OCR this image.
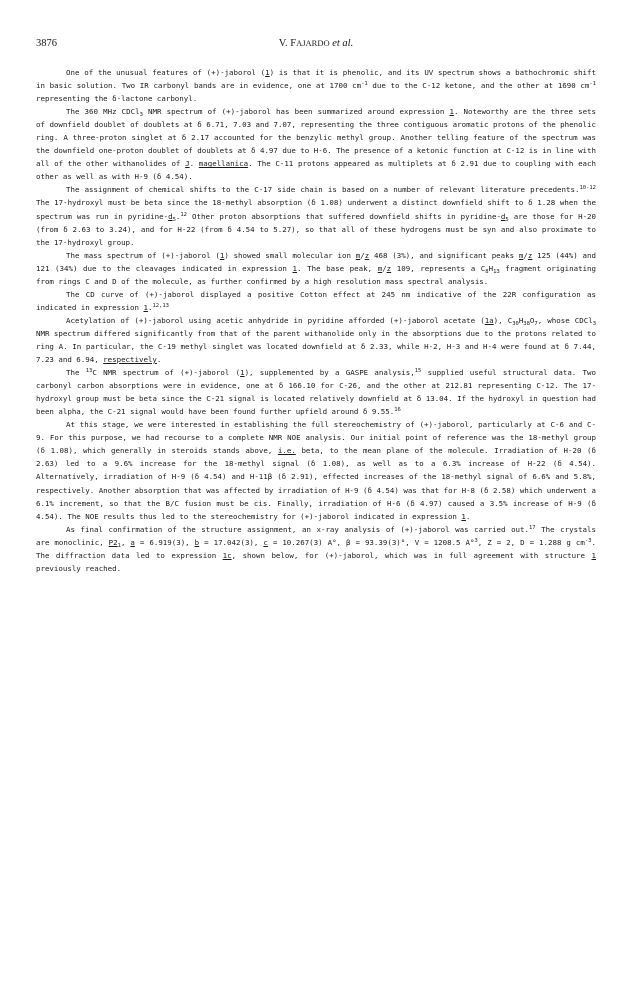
3876	V. FAJARDO et al.

One of the unusual features of (+)-jaborol (1) is that it is phenolic, and its UV spectrum shows a bathochromic shift in basic solution. Two IR carbonyl bands are in evidence, one at 1700 $cm^{-1}$ due to the C-12 ketone, and the other at 1690 $cm^{-1}$ representing the δ-lactone carbonyl.

The 360 MHz CDCl$_3$ NMR spectrum of (+)-jaborol has been summarized around expression 1. Noteworthy are the three sets of downfield doublet of doublets at δ 6.71, 7.03 and 7.07, representing the three contiguous aromatic protons of the phenolic ring. A three-proton singlet at δ 2.17 accounted for the benzylic methyl group. Another telling feature of the spectrum was the downfield one-proton doublet of doublets at δ 4.97 due to H-6. The presence of a ketonic function at C-12 is in line with all of the other withanolides of J. magellanica. The C-11 protons appeared as multiplets at δ 2.91 due to coupling with each other as well as with H-9 (δ 4.54).

The assignment of chemical shifts to the C-17 side chain is based on a number of relevant literature precedents.$^{10-12}$ The 17-hydroxyl must be beta since the 18-methyl absorption (δ 1.08) underwent a distinct downfield shift to δ 1.28 when the spectrum was run in pyridine-$d_5.^{12}$ Other proton absorptions that suffered downfield shifts in pyridine-$d_5$ are those for H-20 (from δ 2.63 to 3.24), and for H-22 (from δ 4.54 to 5.27), so that all of these hydrogens must be syn and also proximate to the 17-hydroxyl group.

The mass spectrum of (+)-jaborol (1) showed small molecular ion m/z 468 (3%), and significant peaks m/z 125 (44%) and 121 (34%) due to the cleavages indicated in expression 1. The base peak, m/z 109, represents a $C_8H_{13}$ fragment originating from rings C and D of the molecule, as further confirmed by a high resolution mass spectral analysis.

The CD curve of (+)-jaborol displayed a positive Cotton effect at 245 nm indicative of the 22R configuration as indicated in expression 1.$^{12,13}$

Acetylation of (+)-jaborol using acetic anhydride in pyridine afforded (+)-jaborol acetate (1a), $C_{30}H_{38}O_7$, whose CDCl$_3$ NMR spectrum differed significantly from that of the parent withanolide only in the absorptions due to the protons related to ring A. In particular, the C-19 methyl singlet was located downfield at δ 2.33, while H-2, H-3 and H-4 were found at δ 7.44, 7.23 and 6.94, respectively.

The $^{13}$C NMR spectrum of (+)-jaborol (1), supplemented by a GASPE analysis,$^{15}$ supplied useful structural data. Two carbonyl carbon absorptions were in evidence, one at δ 166.10 for C-26, and the other at 212.81 representing C-12. The 17-hydroxyl group must be beta since the C-21 signal is located relatively downfield at δ 13.04. If the hydroxyl in question had been alpha, the C-21 signal would have been found further upfield around δ 9.55.16

At this stage, we were interested in establishing the full stereochemistry of (+)-jaborol, particularly at C-6 and C-9. For this purpose, we had recourse to a complete NMR NOE analysis. Our initial point of reference was the 18-methyl group (δ 1.08), which generally in steroids stands above, i.e. beta, to the mean plane of the molecule. Irradiation of H-20 (δ 2.63) led to a 9.6% increase for the 18-methyl signal (δ 1.08), as well as to a 6.3% increase of H-22 (δ 4.54). Alternatively, irradiation of H-9 (δ 4.54) and H-11β (δ 2.91), effected increases of the 18-methyl signal of 6.6% and 5.8%, respectively. Another absorption that was affected by irradiation of H-9 (δ 4.54) was that for H-8 (δ 2.58) which underwent a 6.1% increment, so that the B/C fusion must be cis. Finally, irradiation of H-6 (δ 4.97) caused a 3.5% increase of H-9 (δ 4.54). The NOE results thus led to the stereochemistry for (+)-jaborol indicated in expression 1.

As final confirmation of the structure assignment, an x-ray analysis of (+)-jaborol was carried out.$^{17}$ The crystals are monoclinic, $P2_1$, a = 6.919(3), b = 17.042(3), c = 10.267(3) A°, β = 93.39(3)°, V = 1208.5 A°$^3$, Z = 2, D = 1.288 g $cm^{-3}$. The diffraction data led to expression 1c, shown below, for (+)-jaborol, which was in full agreement with structure 1 previously reached.
